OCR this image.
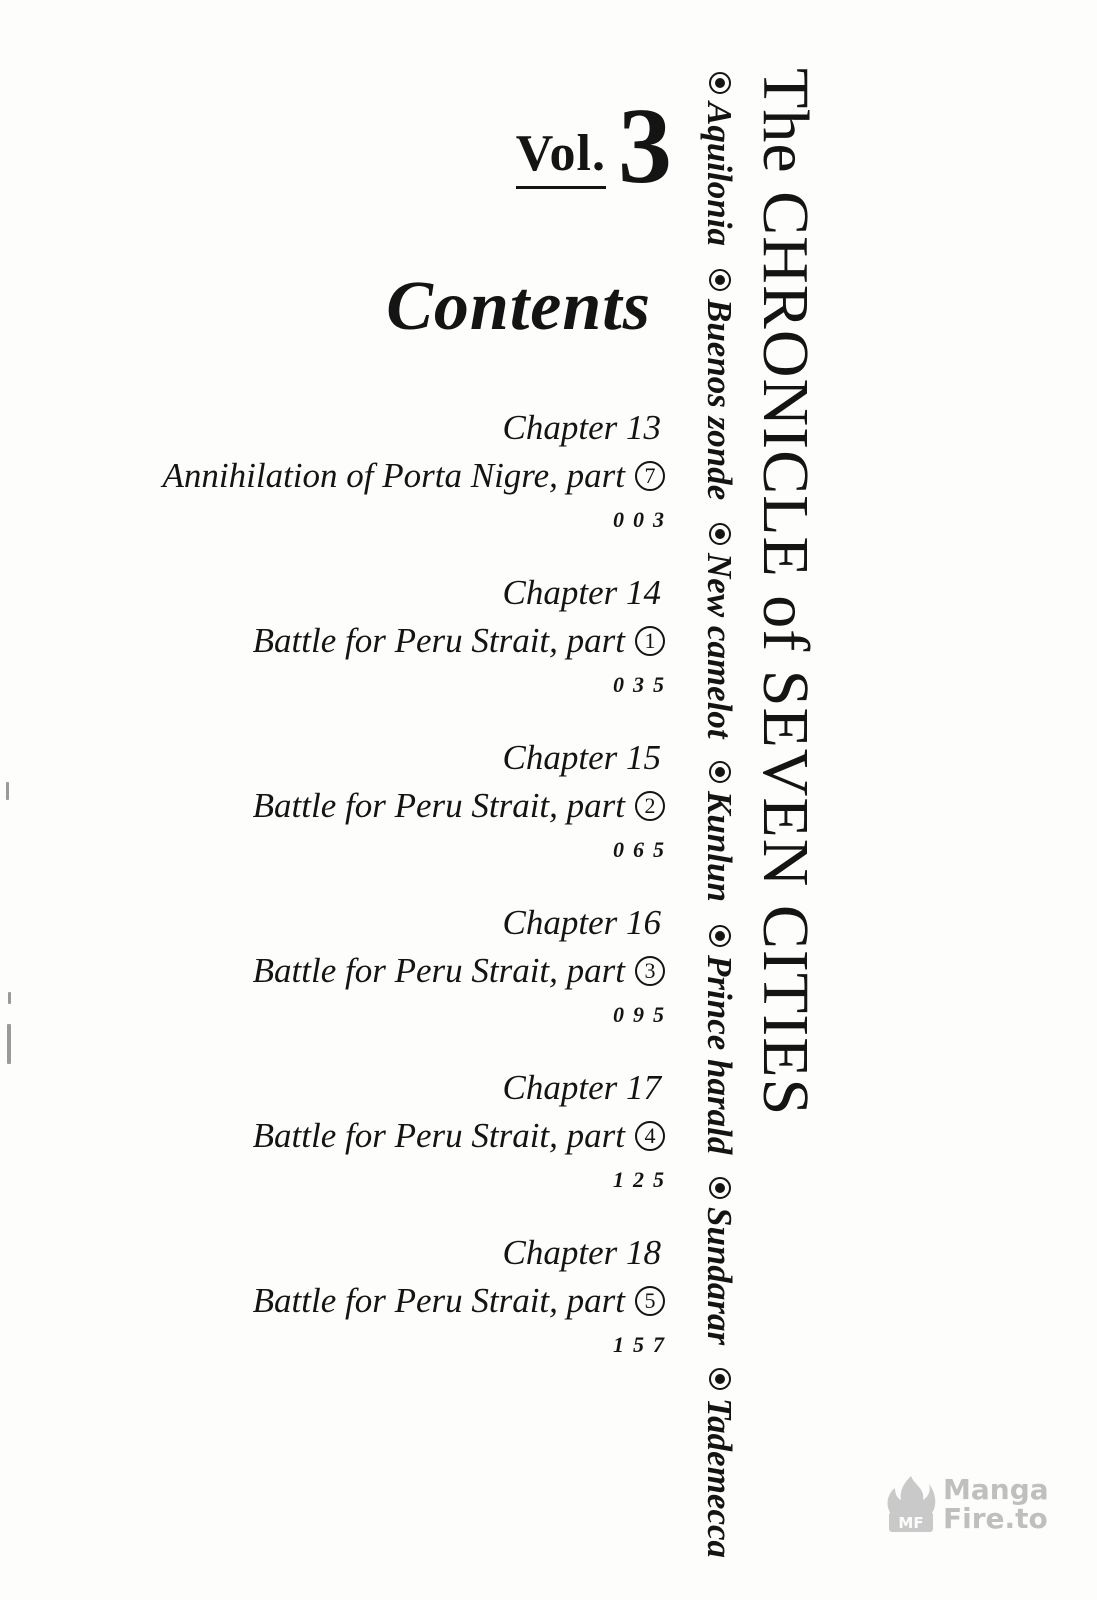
Vol. 3
Contents
Chapter 13
Annihilation of Porta Nigre, part 7
003
Chapter 14
Battle for Peru Strait, part 1
035
Chapter 15
Battle for Peru Strait, part 2
065
Chapter 16
Battle for Peru Strait, part 3
095
Chapter 17
Battle for Peru Strait, part 4
125
Chapter 18
Battle for Peru Strait, part 5
157
The CHRONICLE of SEVEN CITIES
Aquilonia

Buenos zonde

New camelot

Kunlun

Prince harald

Sundarar

Tademecca	MF
Manga
Fire.to
